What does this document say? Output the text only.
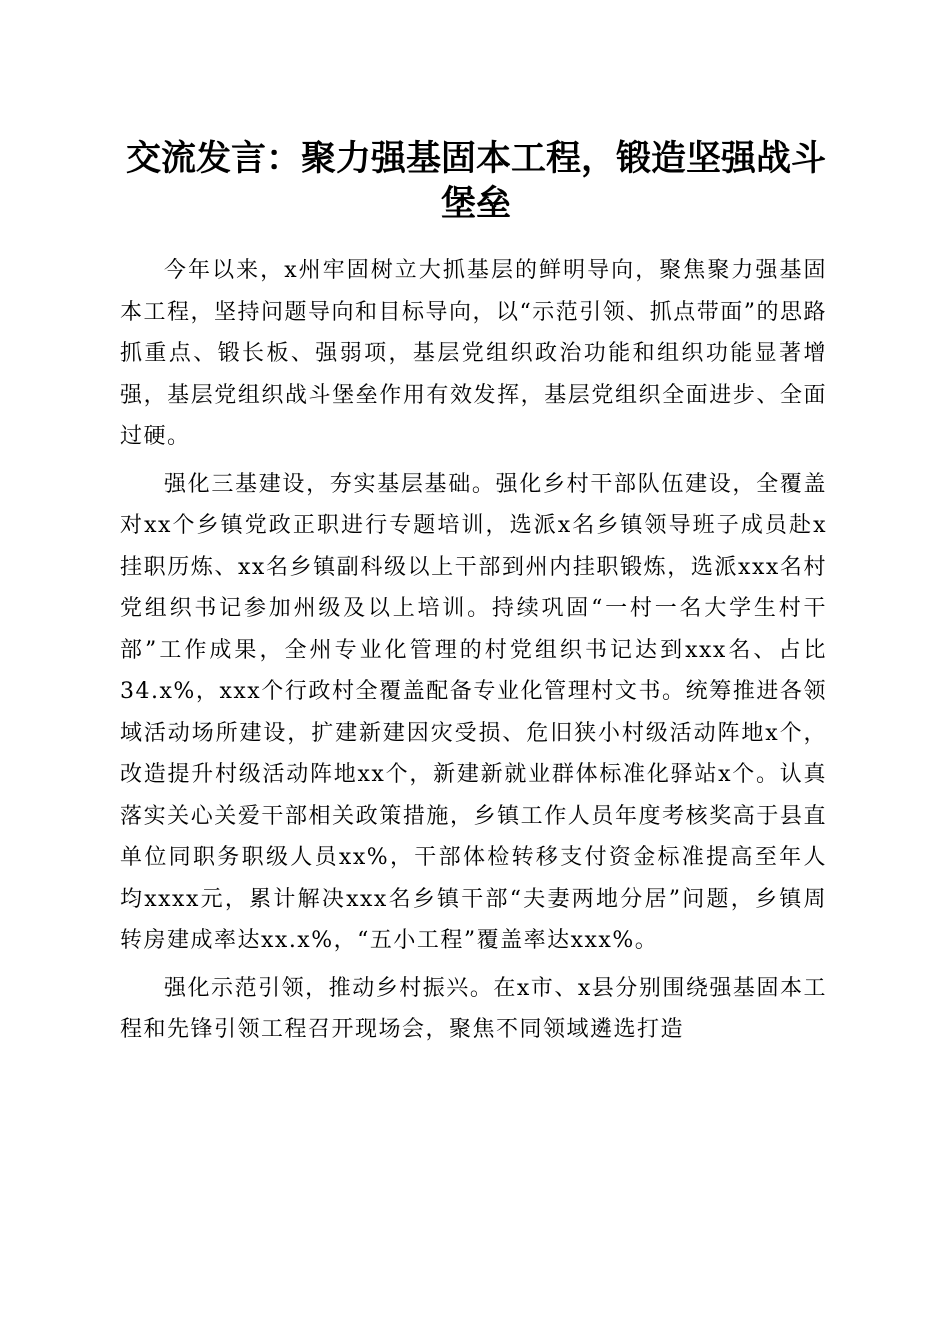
交流发言：聚力强基固本工程，锻造坚强战斗堡垒

今年以来，x州牢固树立大抓基层的鲜明导向，聚焦聚力强基固本工程，坚持问题导向和目标导向，以“示范引领、抓点带面”的思路抓重点、锻长板、强弱项，基层党组织政治功能和组织功能显著增强，基层党组织战斗堡垒作用有效发挥，基层党组织全面进步、全面过硬。

强化三基建设，夯实基层基础。强化乡村干部队伍建设，全覆盖对xx个乡镇党政正职进行专题培训，选派x名乡镇领导班子成员赴x挂职历炼、xx名乡镇副科级以上干部到州内挂职锻炼，选派xxx名村党组织书记参加州级及以上培训。持续巩固“一村一名大学生村干部”工作成果，全州专业化管理的村党组织书记达到xxx名、占比34.x%，xxx个行政村全覆盖配备专业化管理村文书。统筹推进各领域活动场所建设，扩建新建因灾受损、危旧狭小村级活动阵地x个，改造提升村级活动阵地xx个，新建新就业群体标准化驿站x个。认真落实关心关爱干部相关政策措施，乡镇工作人员年度考核奖高于县直单位同职务职级人员xx%，干部体检转移支付资金标准提高至年人均xxxx元，累计解决xxx名乡镇干部“夫妻两地分居”问题，乡镇周转房建成率达xx.x%，“五小工程”覆盖率达xxx%。

强化示范引领，推动乡村振兴。在x市、x县分别围绕强基固本工程和先锋引领工程召开现场会，聚焦不同领域遴选打造
